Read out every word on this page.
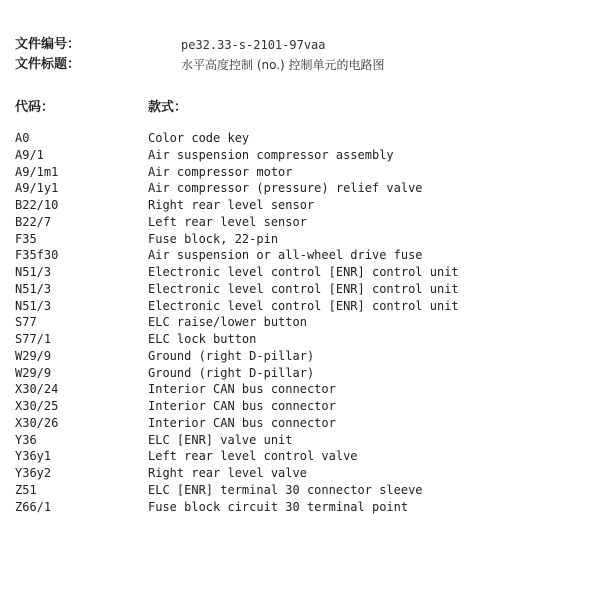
文件编号：	pe32.33-s-2101-97vaa
文件标题：	水平高度控制 (no.) 控制单元的电路图
代码：	款式：
A0	Color code key
A9/1	Air suspension compressor assembly
A9/1m1	Air compressor motor
A9/1y1	Air compressor (pressure) relief valve
B22/10	Right rear level sensor
B22/7	Left rear level sensor
F35	Fuse block, 22-pin
F35f30	Air suspension or all-wheel drive fuse
N51/3	Electronic level control [ENR] control unit
N51/3	Electronic level control [ENR] control unit
N51/3	Electronic level control [ENR] control unit
S77	ELC raise/lower button
S77/1	ELC lock button
W29/9	Ground (right D-pillar)
W29/9	Ground (right D-pillar)
X30/24	Interior CAN bus connector
X30/25	Interior CAN bus connector
X30/26	Interior CAN bus connector
Y36	ELC [ENR] valve unit
Y36y1	Left rear level control valve
Y36y2	Right rear level valve
Z51	ELC [ENR] terminal 30 connector sleeve
Z66/1	Fuse block circuit 30 terminal point
